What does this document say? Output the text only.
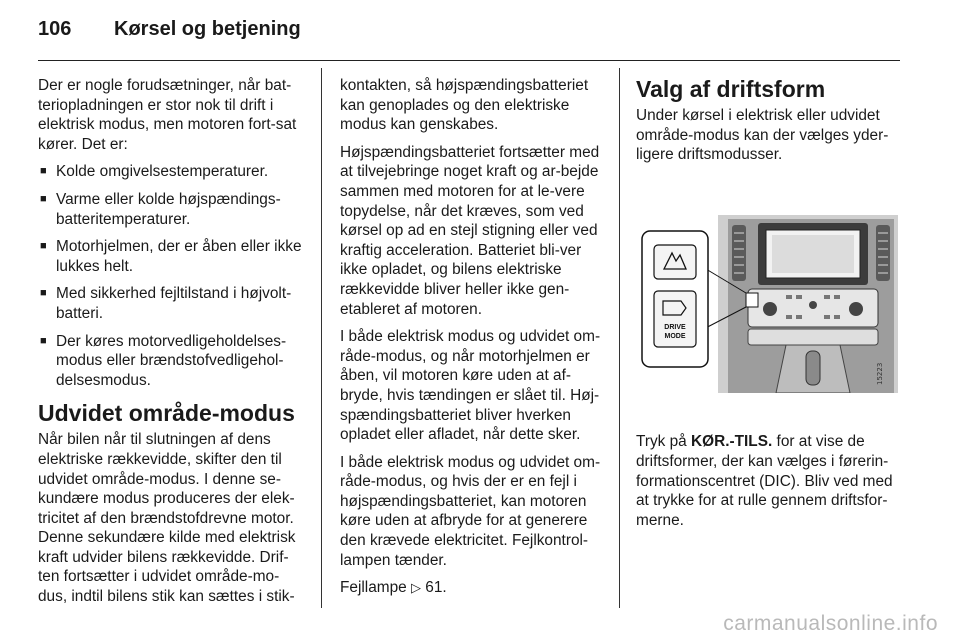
106	Kørsel og betjening

Der er nogle forudsætninger, når bat-teriopladningen er stor nok til drift i elektrisk modus, men motoren fort-sat kører. Det er:

■ Kolde omgivelsestemperaturer.
■ Varme eller kolde højspændings-batteritemperaturer.
■ Motorhjelmen, der er åben eller ikke lukkes helt.
■ Med sikkerhed fejltilstand i højvolt-batteri.
■ Der køres motorvedligeholdelses-modus eller brændstofvedligehol-delsesmodus.
Udvidet område-modus

Når bilen når til slutningen af dens elektriske rækkevidde, skifter den til udvidet område-modus. I denne se-kundære modus produceres der elek-tricitet af den brændstofdrevne motor. Denne sekundære kilde med elektrisk kraft udvider bilens rækkevidde. Drif-ten fortsætter i udvidet område-mo-dus, indtil bilens stik kan sættes i stik-

kontakten, så højspændingsbatteriet kan genoplades og den elektriske modus kan genskabes.

Højspændingsbatteriet fortsætter med at tilvejebringe noget kraft og ar-bejde sammen med motoren for at le-vere topydelse, når det kræves, som ved kørsel op ad en stejl stigning eller ved kraftig acceleration. Batteriet bli-ver ikke opladet, og bilens elektriske rækkevidde bliver heller ikke gen-etableret af motoren.

I både elektrisk modus og udvidet om-råde-modus, og når motorhjelmen er åben, vil motoren køre uden at af-bryde, hvis tændingen er slået til. Høj-spændingsbatteriet bliver hverken opladet eller afladet, når dette sker.

I både elektrisk modus og udvidet om-råde-modus, og hvis der er en fejl i højspændingsbatteriet, kan motoren køre uden at afbryde for at generere den krævede elektricitet. Fejlkontrol-lampen tænder.

Fejllampe ▷ 61.

Valg af driftsform

Under kørsel i elektrisk eller udvidet område-modus kan der vælges yder-ligere driftsmodusser.

15223
DRIVE
MODE

Tryk på KØR.-TILS. for at vise de driftsformer, der kan vælges i førerin-formationscentret (DIC). Bliv ved med at trykke for at rulle gennem driftsfor-merne.

carmanualsonline.info
